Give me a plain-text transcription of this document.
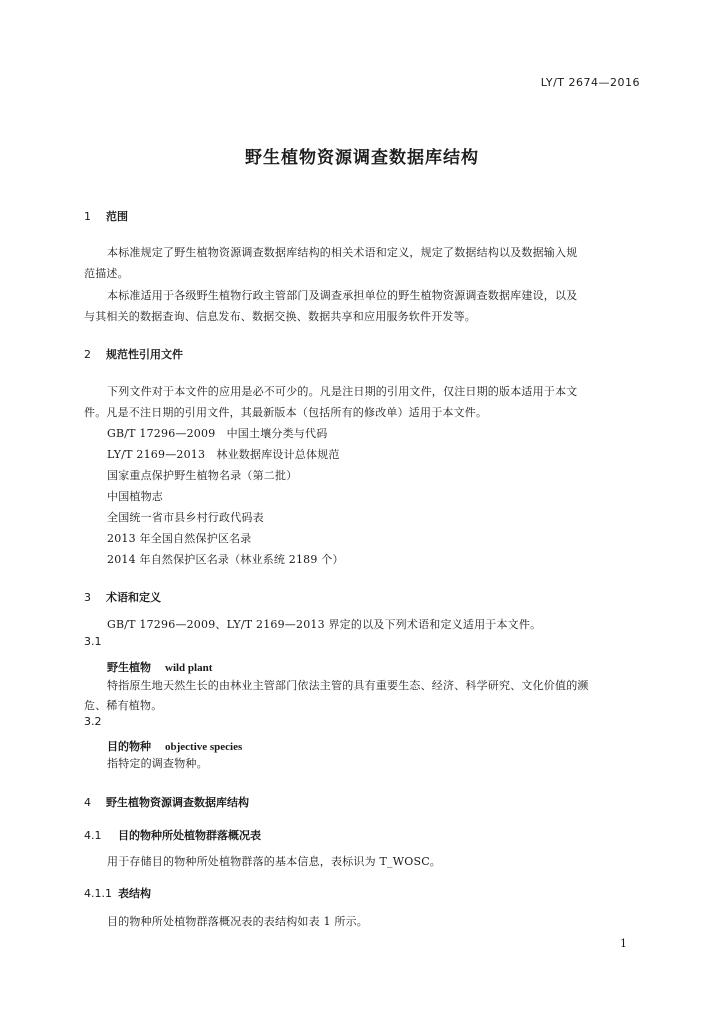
LY/T 2674—2016
野生植物资源调查数据库结构
1 范围
本标准规定了野生植物资源调查数据库结构的相关术语和定义，规定了数据结构以及数据输入规
范描述。
本标准适用于各级野生植物行政主管部门及调查承担单位的野生植物资源调查数据库建设，以及
与其相关的数据查询、信息发布、数据交换、数据共享和应用服务软件开发等。
2 规范性引用文件
下列文件对于本文件的应用是必不可少的。凡是注日期的引用文件，仅注日期的版本适用于本文
件。凡是不注日期的引用文件，其最新版本（包括所有的修改单）适用于本文件。
GB/T 17296—2009　中国土壤分类与代码
LY/T 2169—2013　林业数据库设计总体规范
国家重点保护野生植物名录（第二批）
中国植物志
全国统一省市县乡村行政代码表
2013 年全国自然保护区名录
2014 年自然保护区名录（林业系统 2189 个）
3 术语和定义
GB/T 17296—2009、LY/T 2169—2013 界定的以及下列术语和定义适用于本文件。
3.1
野生植物 wild plant
特指原生地天然生长的由林业主管部门依法主管的具有重要生态、经济、科学研究、文化价值的濒
危、稀有植物。
3.2
目的物种 objective species
指特定的调查物种。
4 野生植物资源调查数据库结构
4.1 目的物种所处植物群落概况表
用于存储目的物种所处植物群落的基本信息，表标识为 T_WOSC。
4.1.1 表结构
目的物种所处植物群落概况表的表结构如表 1 所示。
1
